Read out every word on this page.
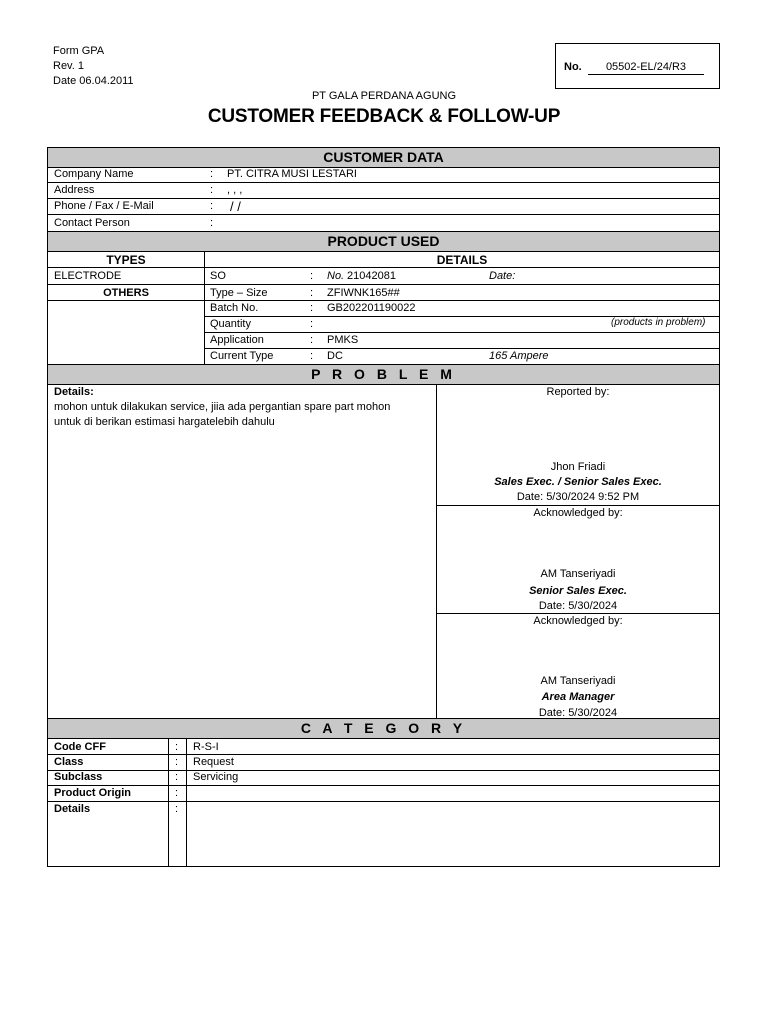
Form GPA
Rev. 1
Date 06.04.2011
No.	05502-EL/24/R3
PT GALA PERDANA AGUNG
CUSTOMER FEEDBACK & FOLLOW-UP
CUSTOMER DATA
Company Name	: PT. CITRA MUSI LESTARI
Address	: , , ,
Phone / Fax / E-Mail	: / /
Contact Person	:
PRODUCT USED
TYPES	DETAILS
ELECTRODE
OTHERS
SO	: No. 21042081	Date:
Type – Size	: ZFIWNK165##
Batch No.	: GB202201190022
Quantity	:	(products in problem)
Application	: PMKS
Current Type	: DC	165 Ampere
P R O B L E M
Details:
mohon untuk dilakukan service, jiia ada pergantian spare part mohon
untuk di berikan estimasi hargatelebih dahulu
Reported by:
Jhon Friadi
Sales Exec. / Senior Sales Exec.
Date: 5/30/2024 9:52 PM
Acknowledged by:
AM Tanseriyadi
Senior Sales Exec.
Date: 5/30/2024
Acknowledged by:
AM Tanseriyadi
Area Manager
Date: 5/30/2024
C A T E G O R Y
Code CFF	: R-S-I
Class	: Request
Subclass	: Servicing
Product Origin	:
Details	:
